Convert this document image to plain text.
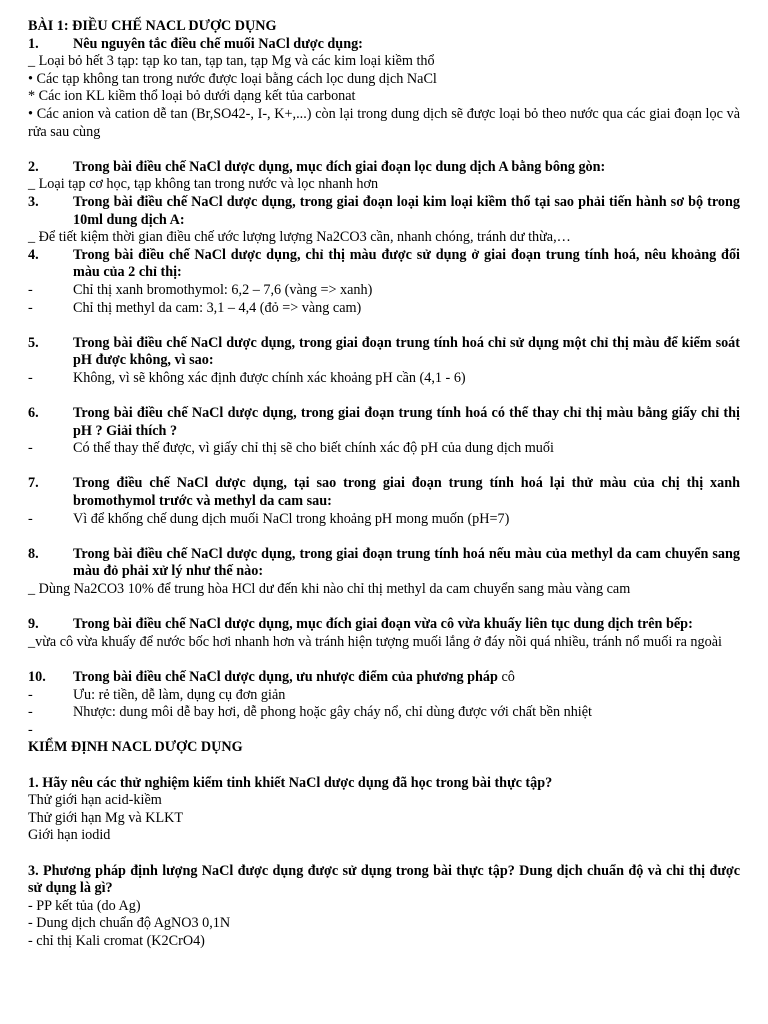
BÀI 1: ĐIỀU CHẾ NACL DƯỢC DỤNG
1.	Nêu nguyên tắc điều chế muối NaCl dược dụng:
_ Loại bỏ hết 3 tạp: tạp ko tan, tạp tan, tạp Mg và các kim loại kiềm thổ
• Các tạp không tan trong nước được loại bằng cách lọc dung dịch NaCl
* Các ion KL kiềm thổ loại bỏ dưới dạng kết tủa carbonat
• Các anion và cation dễ tan (Br,SO42-, I-, K+,...) còn lại trong dung dịch sẽ được loại bỏ theo nước qua các giai đoạn lọc và rửa sau cùng
2.	Trong bài điều chế NaCl dược dụng, mục đích giai đoạn lọc dung dịch A bằng bông gòn:
_ Loại tạp cơ học, tạp không tan trong nước và lọc nhanh hơn
3.	Trong bài điều chế NaCl dược dụng, trong giai đoạn loại kim loại kiềm thổ tại sao phải tiến hành sơ bộ trong 10ml dung dịch A:
_ Để tiết kiệm thời gian điều chế ước lượng lượng Na2CO3 cần, nhanh chóng, tránh dư thừa,…
4.	Trong bài điều chế NaCl dược dụng, chỉ thị màu được sử dụng ở giai đoạn trung tính hoá, nêu khoảng đổi màu của 2 chỉ thị:
-	Chỉ thị xanh bromothymol: 6,2 – 7,6 (vàng => xanh)
-	Chỉ thị methyl da cam: 3,1 – 4,4 (đỏ => vàng cam)
5.	Trong bài điều chế NaCl dược dụng, trong giai đoạn trung tính hoá chỉ sử dụng một chỉ thị màu để kiểm soát pH được không, vì sao:
-	Không, vì sẽ không xác định được chính xác khoảng pH cần (4,1 - 6)
6.	Trong bài điều chế NaCl dược dụng, trong giai đoạn trung tính hoá có thể thay chỉ thị màu bằng giấy chỉ thị pH ? Giải thích ?
-	Có thể thay thế được, vì giấy chỉ thị sẽ cho biết chính xác độ pH của dung dịch muối
7.	Trong điều chế NaCl dược dụng, tại sao trong giai đoạn trung tính hoá lại thử màu của chị thị xanh bromothymol trước và methyl da cam sau:
-	Vì để khống chế dung dịch muối NaCl trong khoảng pH mong muốn (pH=7)
8.	Trong bài điều chế NaCl dược dụng, trong giai đoạn trung tính hoá nếu màu của methyl da cam chuyển sang màu đỏ phải xử lý như thế nào:
_ Dùng Na2CO3 10% để trung hòa HCl dư đến khi nào chỉ thị methyl da cam chuyển sang màu vàng cam
9.	Trong bài điều chế NaCl dược dụng, mục đích giai đoạn vừa cô vừa khuấy liên tục dung dịch trên bếp:
_vừa cô vừa khuấy để nước bốc hơi nhanh hơn và tránh hiện tượng muối lắng ở đáy nồi quá nhiều, tránh nổ muối ra ngoài
10.	Trong bài điều chế NaCl dược dụng, ưu nhược điểm của phương pháp cô
-	Ưu: rẻ tiền, dễ làm, dụng cụ đơn giản
-	Nhược: dung môi dễ bay hơi, dễ phong hoặc gây cháy nổ, chỉ dùng được với chất bền nhiệt
-
KIỂM ĐỊNH NACL DƯỢC DỤNG
1. Hãy nêu các thử nghiệm kiểm tinh khiết NaCl dược dụng đã học trong bài thực tập?
Thử giới hạn acid-kiềm
Thử giới hạn Mg và KLKT
Giới hạn iodid
3. Phương pháp định lượng NaCl được dụng được sử dụng trong bài thực tập? Dung dịch chuẩn độ và chỉ thị được sử dụng là gì?
- PP kết tủa (do Ag)
- Dung dịch chuẩn độ AgNO3 0,1N
- chỉ thị Kali cromat (K2CrO4)
